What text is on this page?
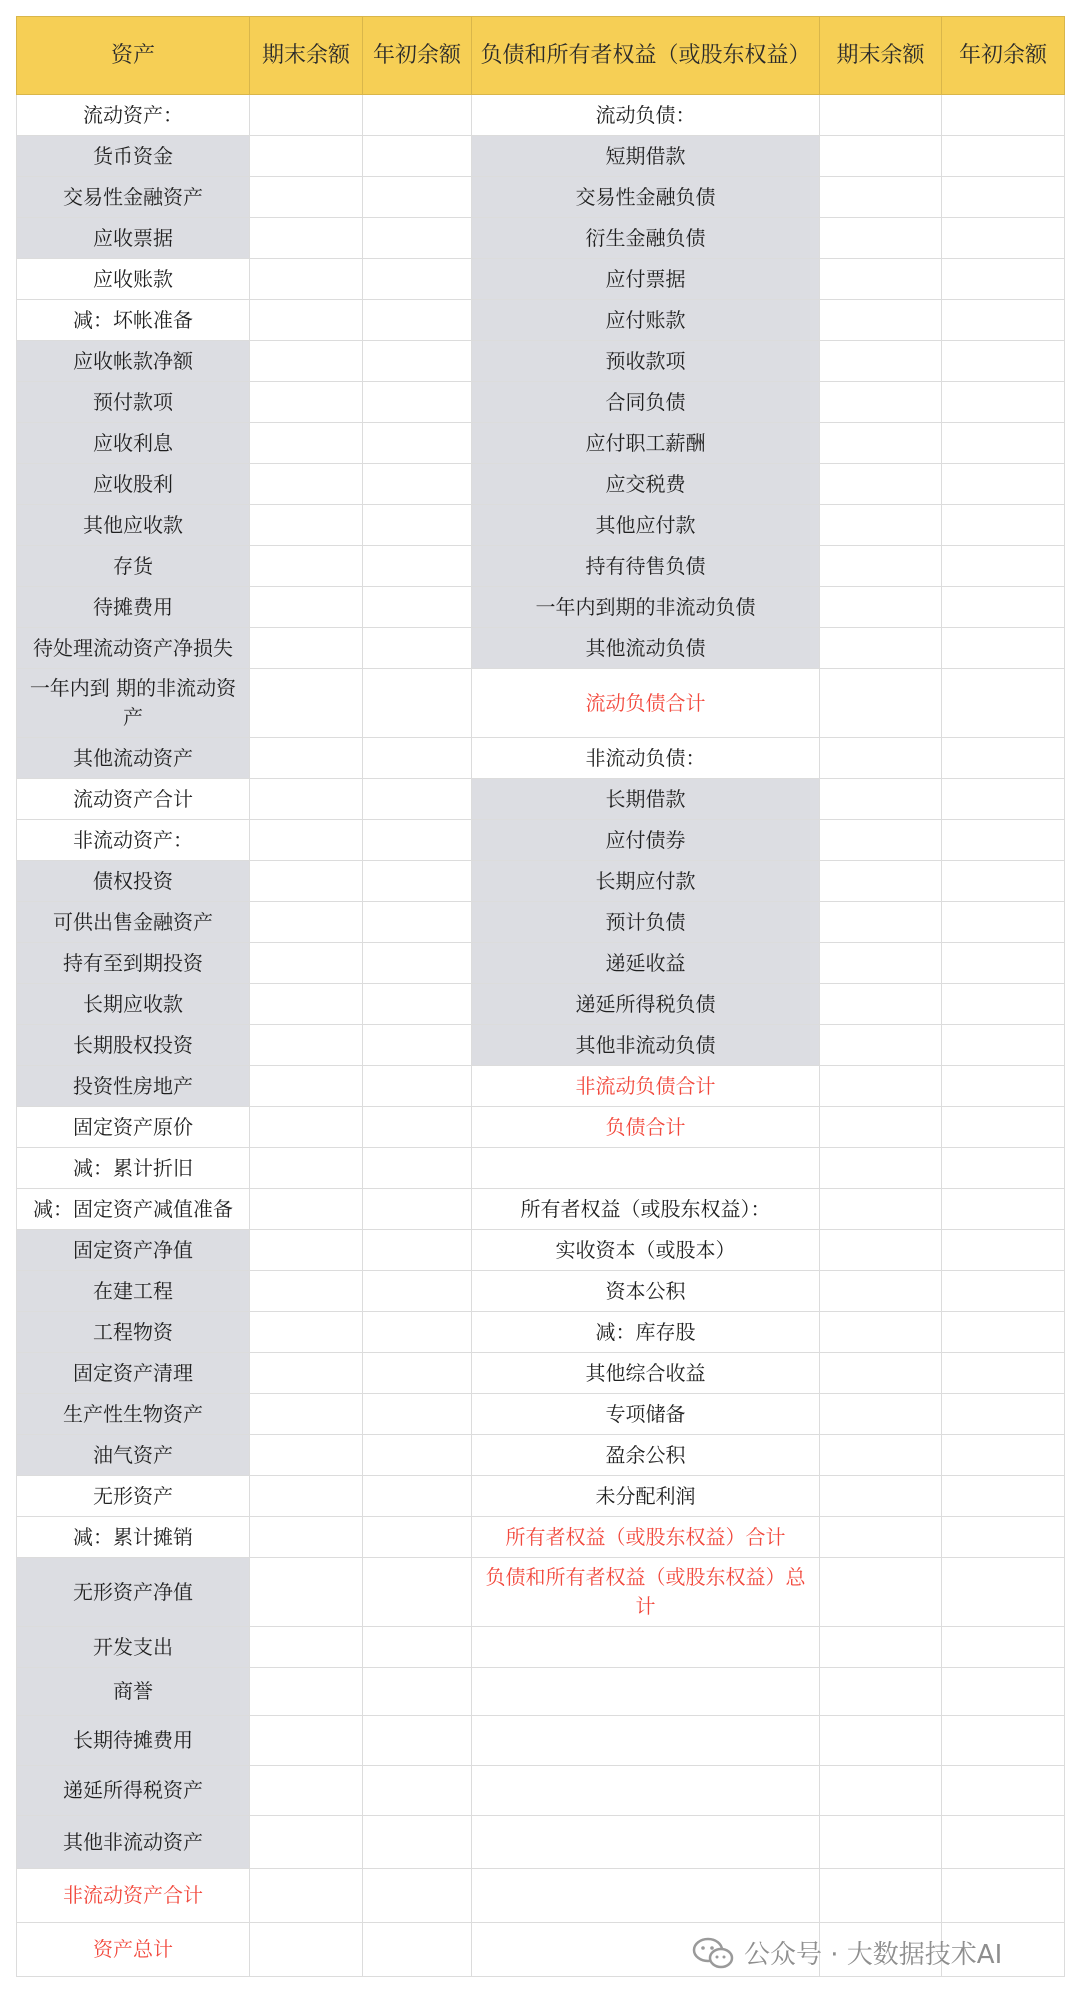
资产	期末余额	年初余额	负债和所有者权益（或股东权益）	期末余额	年初余额
流动资产：			流动负债：		
货币资金			短期借款		
交易性金融资产			交易性金融负债		
应收票据			衍生金融负债		
应收账款			应付票据		
减：坏帐准备			应付账款		
应收帐款净额			预收款项		
预付款项			合同负债		
应收利息			应付职工薪酬		
应收股利			应交税费		
其他应收款			其他应付款		
存货			持有待售负债		
待摊费用			一年内到期的非流动负债		
待处理流动资产净损失			其他流动负债		
一年内到 期的非流动资产			流动负债合计		
其他流动资产			非流动负债：		
流动资产合计			长期借款		
非流动资产：			应付债券		
债权投资			长期应付款		
可供出售金融资产			预计负债		
持有至到期投资			递延收益		
长期应收款			递延所得税负债		
长期股权投资			其他非流动负债		
投资性房地产			非流动负债合计		
固定资产原价			负债合计		
减：累计折旧					
减：固定资产减值准备			所有者权益（或股东权益）：		
固定资产净值			实收资本（或股本）		
在建工程			资本公积		
工程物资			减：库存股		
固定资产清理			其他综合收益		
生产性生物资产			专项储备		
油气资产			盈余公积		
无形资产			未分配利润		
减：累计摊销			所有者权益（或股东权益）合计		
无形资产净值			负债和所有者权益（或股东权益）总计		
开发支出					
商誉					
长期待摊费用					
递延所得税资产					
其他非流动资产					
非流动资产合计					
资产总计						公众号 · 大数据技术AI
